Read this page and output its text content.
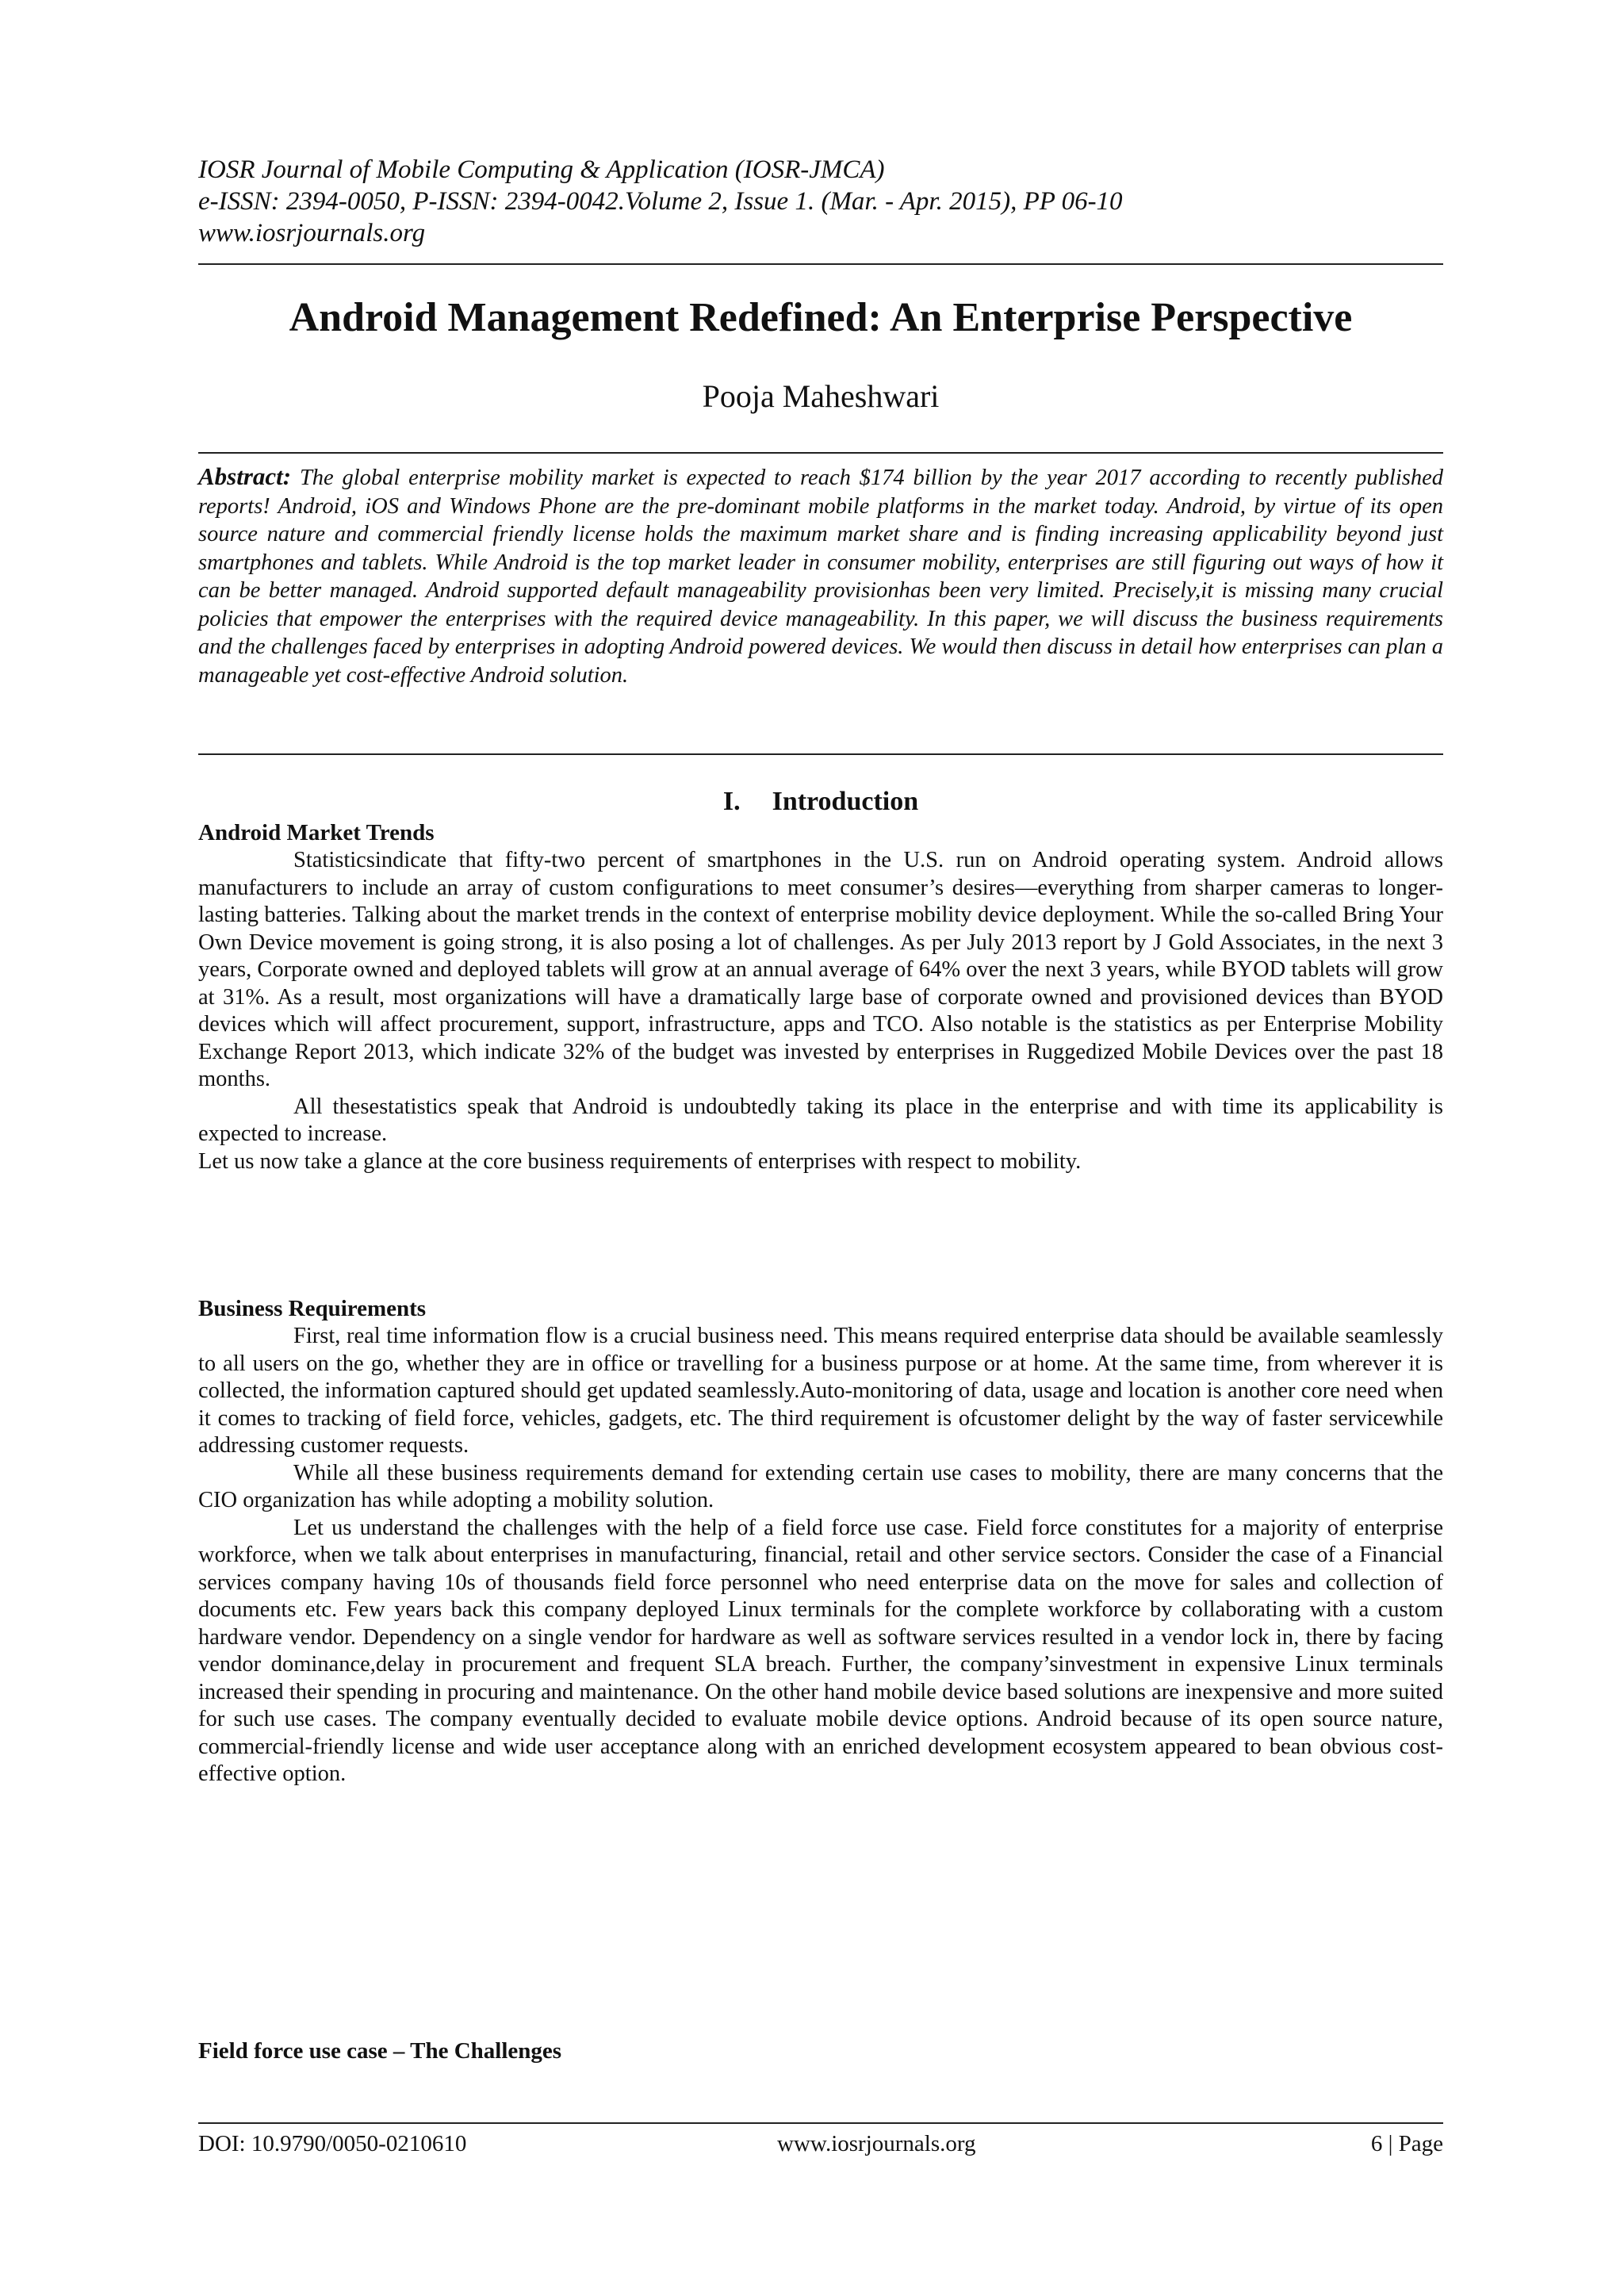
IOSR Journal of Mobile Computing & Application (IOSR-JMCA)
e-ISSN: 2394-0050, P-ISSN: 2394-0042.Volume 2, Issue 1. (Mar. - Apr. 2015), PP 06-10
www.iosrjournals.org
Android Management Redefined: An Enterprise Perspective
Pooja Maheshwari
Abstract: The global enterprise mobility market is expected to reach $174 billion by the year 2017 according to recently published reports! Android, iOS and Windows Phone are the pre-dominant mobile platforms in the market today. Android, by virtue of its open source nature and commercial friendly license holds the maximum market share and is finding increasing applicability beyond just smartphones and tablets. While Android is the top market leader in consumer mobility, enterprises are still figuring out ways of how it can be better managed. Android supported default manageability provisionhas been very limited. Precisely,it is missing many crucial policies that empower the enterprises with the required device manageability. In this paper, we will discuss the business requirements and the challenges faced by enterprises in adopting Android powered devices. We would then discuss in detail how enterprises can plan a manageable yet cost-effective Android solution.
I. Introduction

Android Market Trends

Statisticsindicate that fifty-two percent of smartphones in the U.S. run on Android operating system. Android allows manufacturers to include an array of custom configurations to meet consumer’s desires—everything from sharper cameras to longer-lasting batteries. Talking about the market trends in the context of enterprise mobility device deployment. While the so-called Bring Your Own Device movement is going strong, it is also posing a lot of challenges. As per July 2013 report by J Gold Associates, in the next 3 years, Corporate owned and deployed tablets will grow at an annual average of 64% over the next 3 years, while BYOD tablets will grow at 31%. As a result, most organizations will have a dramatically large base of corporate owned and provisioned devices than BYOD devices which will affect procurement, support, infrastructure, apps and TCO. Also notable is the statistics as per Enterprise Mobility Exchange Report 2013, which indicate 32% of the budget was invested by enterprises in Ruggedized Mobile Devices over the past 18 months.

All thesestatistics speak that Android is undoubtedly taking its place in the enterprise and with time its applicability is expected to increase.

Let us now take a glance at the core business requirements of enterprises with respect to mobility.

Business Requirements

First, real time information flow is a crucial business need. This means required enterprise data should be available seamlessly to all users on the go, whether they are in office or travelling for a business purpose or at home. At the same time, from wherever it is collected, the information captured should get updated seamlessly.Auto-monitoring of data, usage and location is another core need when it comes to tracking of field force, vehicles, gadgets, etc. The third requirement is ofcustomer delight by the way of faster servicewhile addressing customer requests.

While all these business requirements demand for extending certain use cases to mobility, there are many concerns that the CIO organization has while adopting a mobility solution.

Let us understand the challenges with the help of a field force use case. Field force constitutes for a majority of enterprise workforce, when we talk about enterprises in manufacturing, financial, retail and other service sectors. Consider the case of a Financial services company having 10s of thousands field force personnel who need enterprise data on the move for sales and collection of documents etc. Few years back this company deployed Linux terminals for the complete workforce by collaborating with a custom hardware vendor. Dependency on a single vendor for hardware as well as software services resulted in a vendor lock in, there by facing vendor dominance,delay in procurement and frequent SLA breach. Further, the company’sinvestment in expensive Linux terminals increased their spending in procuring and maintenance. On the other hand mobile device based solutions are inexpensive and more suited for such use cases. The company eventually decided to evaluate mobile device options. Android because of its open source nature, commercial-friendly license and wide user acceptance along with an enriched development ecosystem appeared to bean obvious cost-effective option.

Field force use case – The Challenges

DOI: 10.9790/0050-0210610	www.iosrjournals.org	6 | Page
